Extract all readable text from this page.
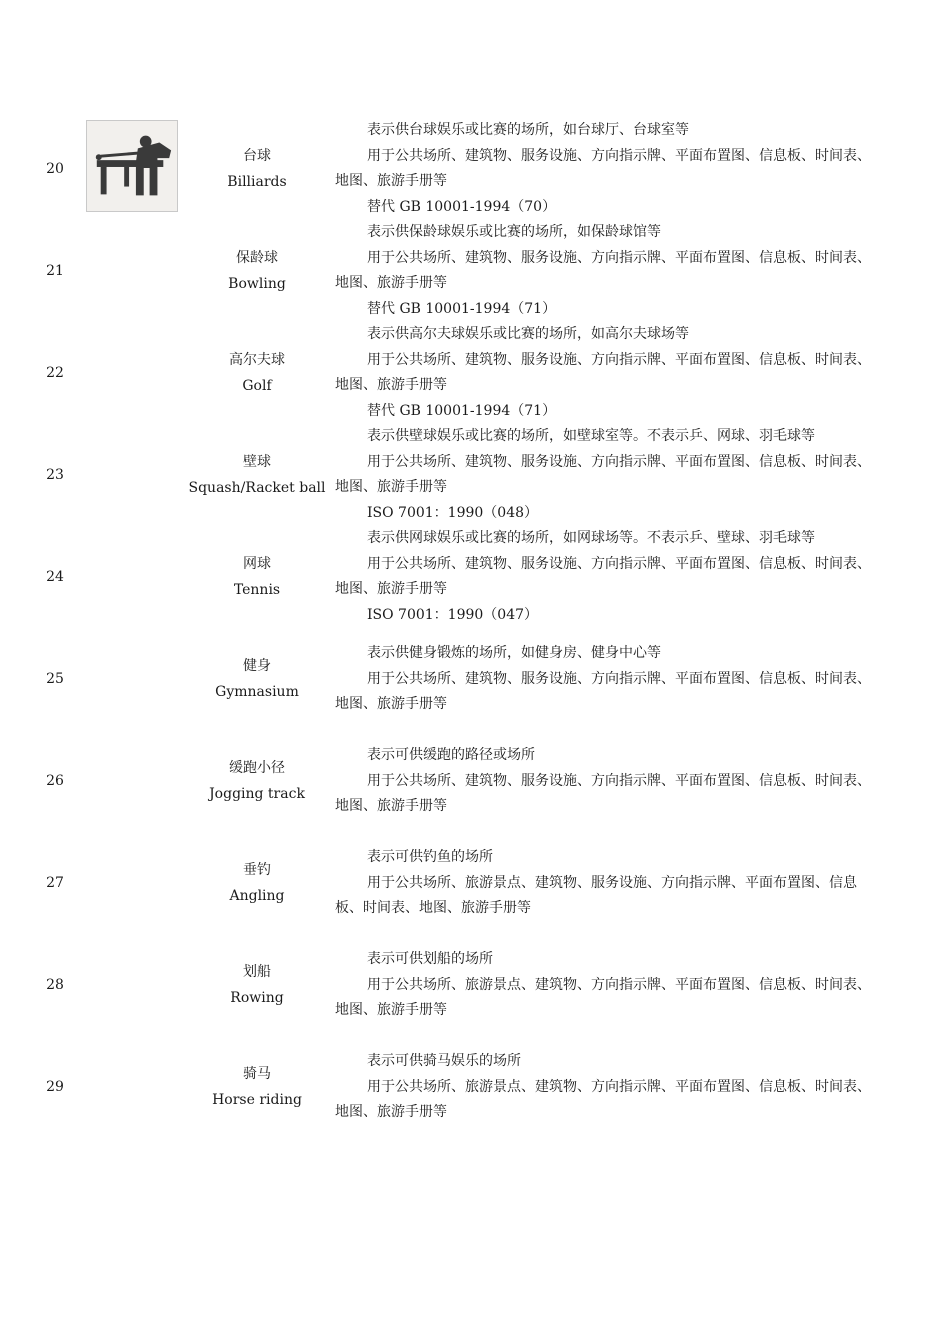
20
台球
Billiards
表示供台球娱乐或比赛的场所，如台球厅、台球室等
用于公共场所、建筑物、服务设施、方向指示牌、平面布置图、信息板、时间表、
地图、旅游手册等
替代 GB 10001-1994（70）
21
保龄球
Bowling
表示供保龄球娱乐或比赛的场所，如保龄球馆等
用于公共场所、建筑物、服务设施、方向指示牌、平面布置图、信息板、时间表、
地图、旅游手册等
替代 GB 10001-1994（71）
22
高尔夫球
Golf
表示供高尔夫球娱乐或比赛的场所，如高尔夫球场等
用于公共场所、建筑物、服务设施、方向指示牌、平面布置图、信息板、时间表、
地图、旅游手册等
替代 GB 10001-1994（71）
23
壁球
Squash/Racket ball
表示供壁球娱乐或比赛的场所，如壁球室等。不表示乒、网球、羽毛球等
用于公共场所、建筑物、服务设施、方向指示牌、平面布置图、信息板、时间表、
地图、旅游手册等
ISO 7001：1990（048）
24
网球
Tennis
表示供网球娱乐或比赛的场所，如网球场等。不表示乒、壁球、羽毛球等
用于公共场所、建筑物、服务设施、方向指示牌、平面布置图、信息板、时间表、
地图、旅游手册等
ISO 7001：1990（047）
25
健身
Gymnasium
表示供健身锻炼的场所，如健身房、健身中心等
用于公共场所、建筑物、服务设施、方向指示牌、平面布置图、信息板、时间表、
地图、旅游手册等
26
缓跑小径
Jogging track
表示可供缓跑的路径或场所
用于公共场所、建筑物、服务设施、方向指示牌、平面布置图、信息板、时间表、
地图、旅游手册等
27
垂钓
Angling
表示可供钓鱼的场所
用于公共场所、旅游景点、建筑物、服务设施、方向指示牌、平面布置图、信息
板、时间表、地图、旅游手册等
28
划船
Rowing
表示可供划船的场所
用于公共场所、旅游景点、建筑物、方向指示牌、平面布置图、信息板、时间表、
地图、旅游手册等
29
骑马
Horse riding
表示可供骑马娱乐的场所
用于公共场所、旅游景点、建筑物、方向指示牌、平面布置图、信息板、时间表、
地图、旅游手册等
